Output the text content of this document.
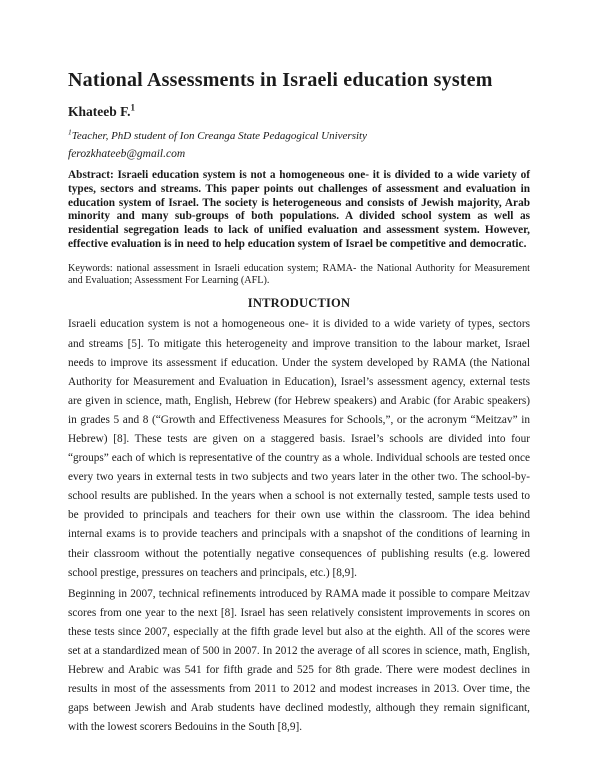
National Assessments in Israeli education system
Khateeb F.$^1$
$^1$Teacher, PhD student of Ion Creanga State Pedagogical University
ferozkhateeb@gmail.com

Abstract: Israeli education system is not a homogeneous one- it is divided to a wide variety of types, sectors and streams. This paper points out challenges of assessment and evaluation in education system of Israel. The society is heterogeneous and consists of Jewish majority, Arab minority and many sub-groups of both populations. A divided school system as well as residential segregation leads to lack of unified evaluation and assessment system. However, effective evaluation is in need to help education system of Israel be competitive and democratic.

Keywords: national assessment in Israeli education system; RAMA- the National Authority for Measurement and Evaluation; Assessment For Learning (AFL).

INTRODUCTION

Israeli education system is not a homogeneous one- it is divided to a wide variety of types, sectors and streams [5]. To mitigate this heterogeneity and improve transition to the labour market, Israel needs to improve its assessment if education. Under the system developed by RAMA (the National Authority for Measurement and Evaluation in Education), Israel’s assessment agency, external tests are given in science, math, English, Hebrew (for Hebrew speakers) and Arabic (for Arabic speakers) in grades 5 and 8 (“Growth and Effectiveness Measures for Schools,”, or the acronym “Meitzav” in Hebrew) [8]. These tests are given on a staggered basis. Israel’s schools are divided into four “groups” each of which is representative of the country as a whole. Individual schools are tested once every two years in external tests in two subjects and two years later in the other two. The school-by-school results are published. In the years when a school is not externally tested, sample tests used to be provided to principals and teachers for their own use within the classroom. The idea behind internal exams is to provide teachers and principals with a snapshot of the conditions of learning in their classroom without the potentially negative consequences of publishing results (e.g. lowered school prestige, pressures on teachers and principals, etc.) [8,9].

Beginning in 2007, technical refinements introduced by RAMA made it possible to compare Meitzav scores from one year to the next [8]. Israel has seen relatively consistent improvements in scores on these tests since 2007, especially at the fifth grade level but also at the eighth. All of the scores were set at a standardized mean of 500 in 2007. In 2012 the average of all scores in science, math, English, Hebrew and Arabic was 541 for fifth grade and 525 for 8th grade. There were modest declines in results in most of the assessments from 2011 to 2012 and modest increases in 2013. Over time, the gaps between Jewish and Arab students have declined modestly, although they remain significant, with the lowest scorers Bedouins in the South [8,9].
